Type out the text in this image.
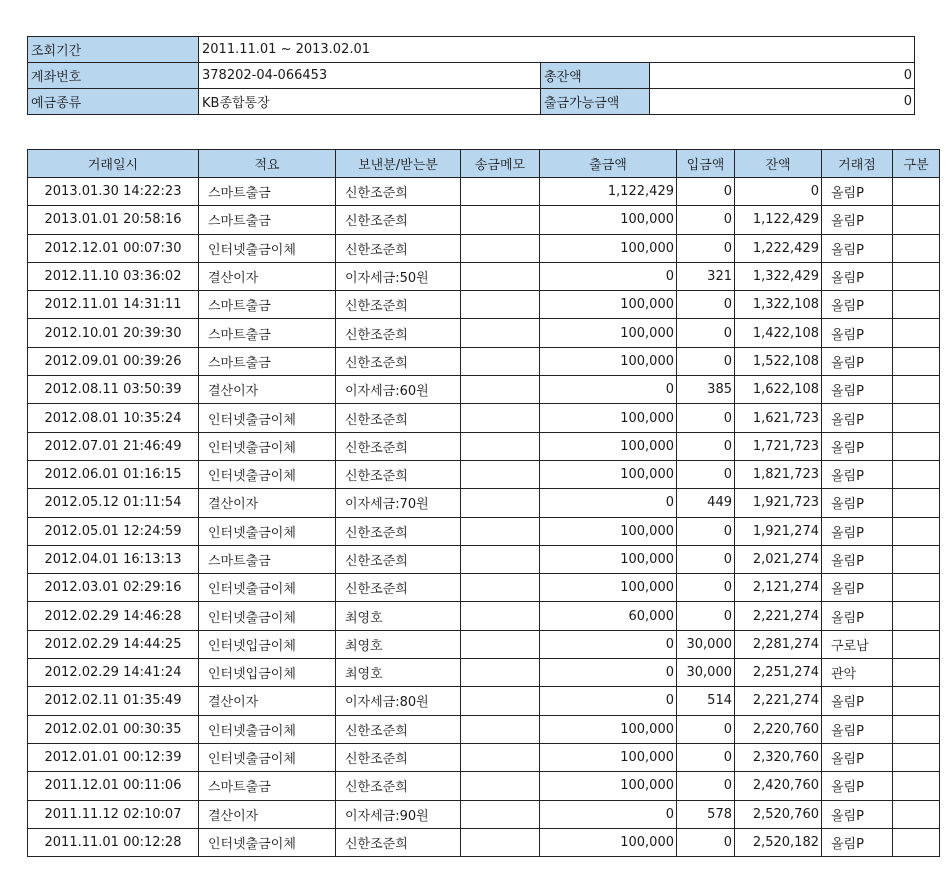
조회기간	2011.11.01 ~ 2013.02.01		
계좌번호	378202-04-066453	총잔액	0
예금종류	KB종합통장	출금가능금액	0
거래일시	적요	보낸분/받는분	송금메모	출금액	입금액	잔액	거래점	구분
2013.01.30 14:22:23	스마트출금	신한조준희		1,122,429	0	0	올림P	
2013.01.01 20:58:16	스마트출금	신한조준희		100,000	0	1,122,429	올림P	
2012.12.01 00:07:30	인터넷출금이체	신한조준희		100,000	0	1,222,429	올림P	
2012.11.10 03:36:02	결산이자	이자세금:50원		0	321	1,322,429	올림P	
2012.11.01 14:31:11	스마트출금	신한조준희		100,000	0	1,322,108	올림P	
2012.10.01 20:39:30	스마트출금	신한조준희		100,000	0	1,422,108	올림P	
2012.09.01 00:39:26	스마트출금	신한조준희		100,000	0	1,522,108	올림P	
2012.08.11 03:50:39	결산이자	이자세금:60원		0	385	1,622,108	올림P	
2012.08.01 10:35:24	인터넷출금이체	신한조준희		100,000	0	1,621,723	올림P	
2012.07.01 21:46:49	인터넷출금이체	신한조준희		100,000	0	1,721,723	올림P	
2012.06.01 01:16:15	인터넷출금이체	신한조준희		100,000	0	1,821,723	올림P	
2012.05.12 01:11:54	결산이자	이자세금:70원		0	449	1,921,723	올림P	
2012.05.01 12:24:59	인터넷출금이체	신한조준희		100,000	0	1,921,274	올림P	
2012.04.01 16:13:13	스마트출금	신한조준희		100,000	0	2,021,274	올림P	
2012.03.01 02:29:16	인터넷출금이체	신한조준희		100,000	0	2,121,274	올림P	
2012.02.29 14:46:28	인터넷출금이체	최영호		60,000	0	2,221,274	올림P	
2012.02.29 14:44:25	인터넷입금이체	최영호		0	30,000	2,281,274	구로남	
2012.02.29 14:41:24	인터넷입금이체	최영호		0	30,000	2,251,274	관악	
2012.02.11 01:35:49	결산이자	이자세금:80원		0	514	2,221,274	올림P	
2012.02.01 00:30:35	인터넷출금이체	신한조준희		100,000	0	2,220,760	올림P	
2012.01.01 00:12:39	인터넷출금이체	신한조준희		100,000	0	2,320,760	올림P	
2011.12.01 00:11:06	스마트출금	신한조준희		100,000	0	2,420,760	올림P	
2011.11.12 02:10:07	결산이자	이자세금:90원		0	578	2,520,760	올림P	
2011.11.01 00:12:28	인터넷출금이체	신한조준희		100,000	0	2,520,182	올림P	
